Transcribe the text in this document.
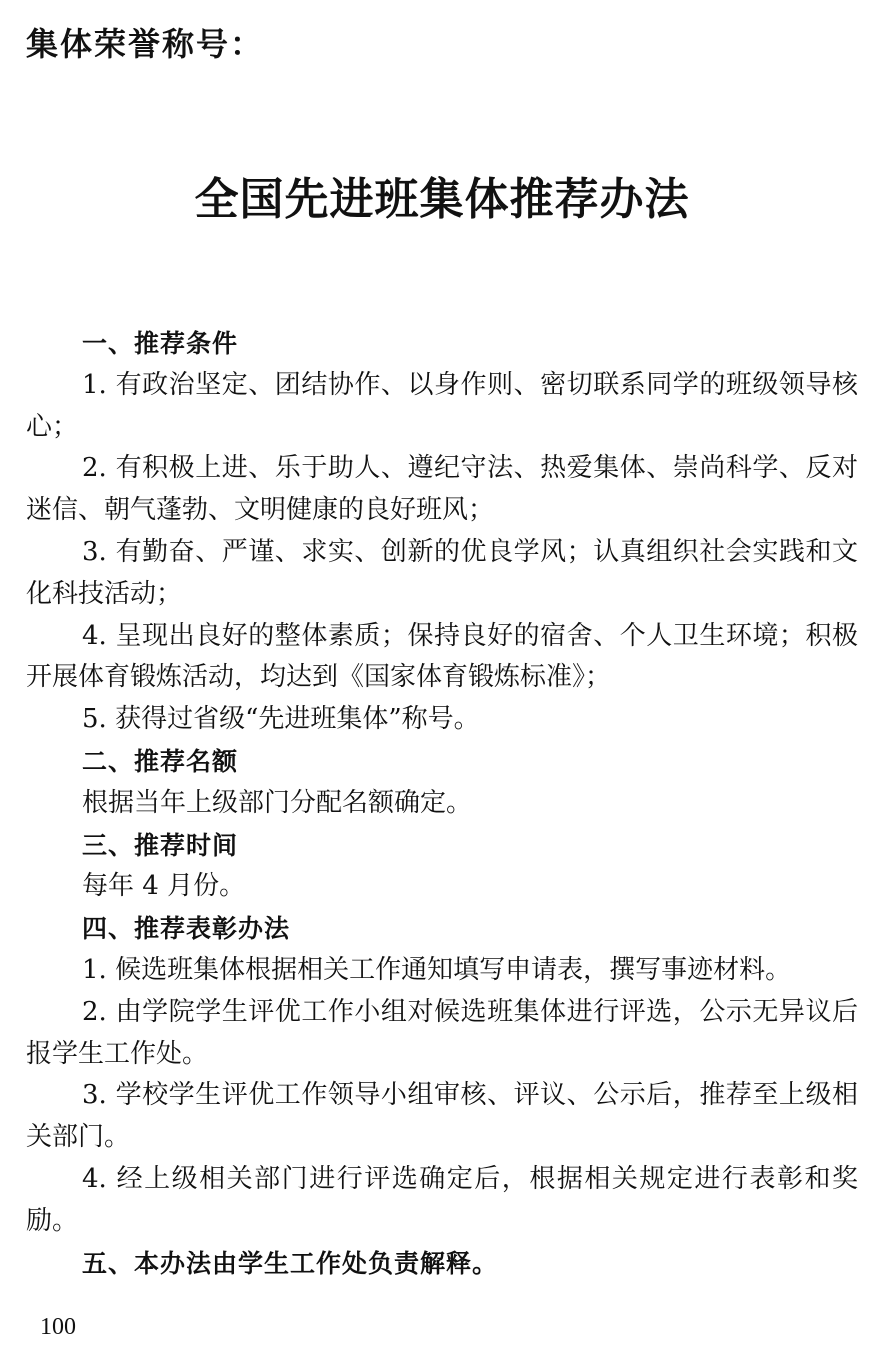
集体荣誉称号：
全国先进班集体推荐办法

一、推荐条件

1. 有政治坚定、团结协作、以身作则、密切联系同学的班级领导核心；

2. 有积极上进、乐于助人、遵纪守法、热爱集体、崇尚科学、反对迷信、朝气蓬勃、文明健康的良好班风；

3. 有勤奋、严谨、求实、创新的优良学风；认真组织社会实践和文化科技活动；

4. 呈现出良好的整体素质；保持良好的宿舍、个人卫生环境；积极开展体育锻炼活动，均达到《国家体育锻炼标准》；

5. 获得过省级“先进班集体”称号。

二、推荐名额

根据当年上级部门分配名额确定。

三、推荐时间

每年 4 月份。

四、推荐表彰办法

1. 候选班集体根据相关工作通知填写申请表，撰写事迹材料。

2. 由学院学生评优工作小组对候选班集体进行评选，公示无异议后报学生工作处。

3. 学校学生评优工作领导小组审核、评议、公示后，推荐至上级相关部门。

4. 经上级相关部门进行评选确定后，根据相关规定进行表彰和奖励。

五、本办法由学生工作处负责解释。

100
